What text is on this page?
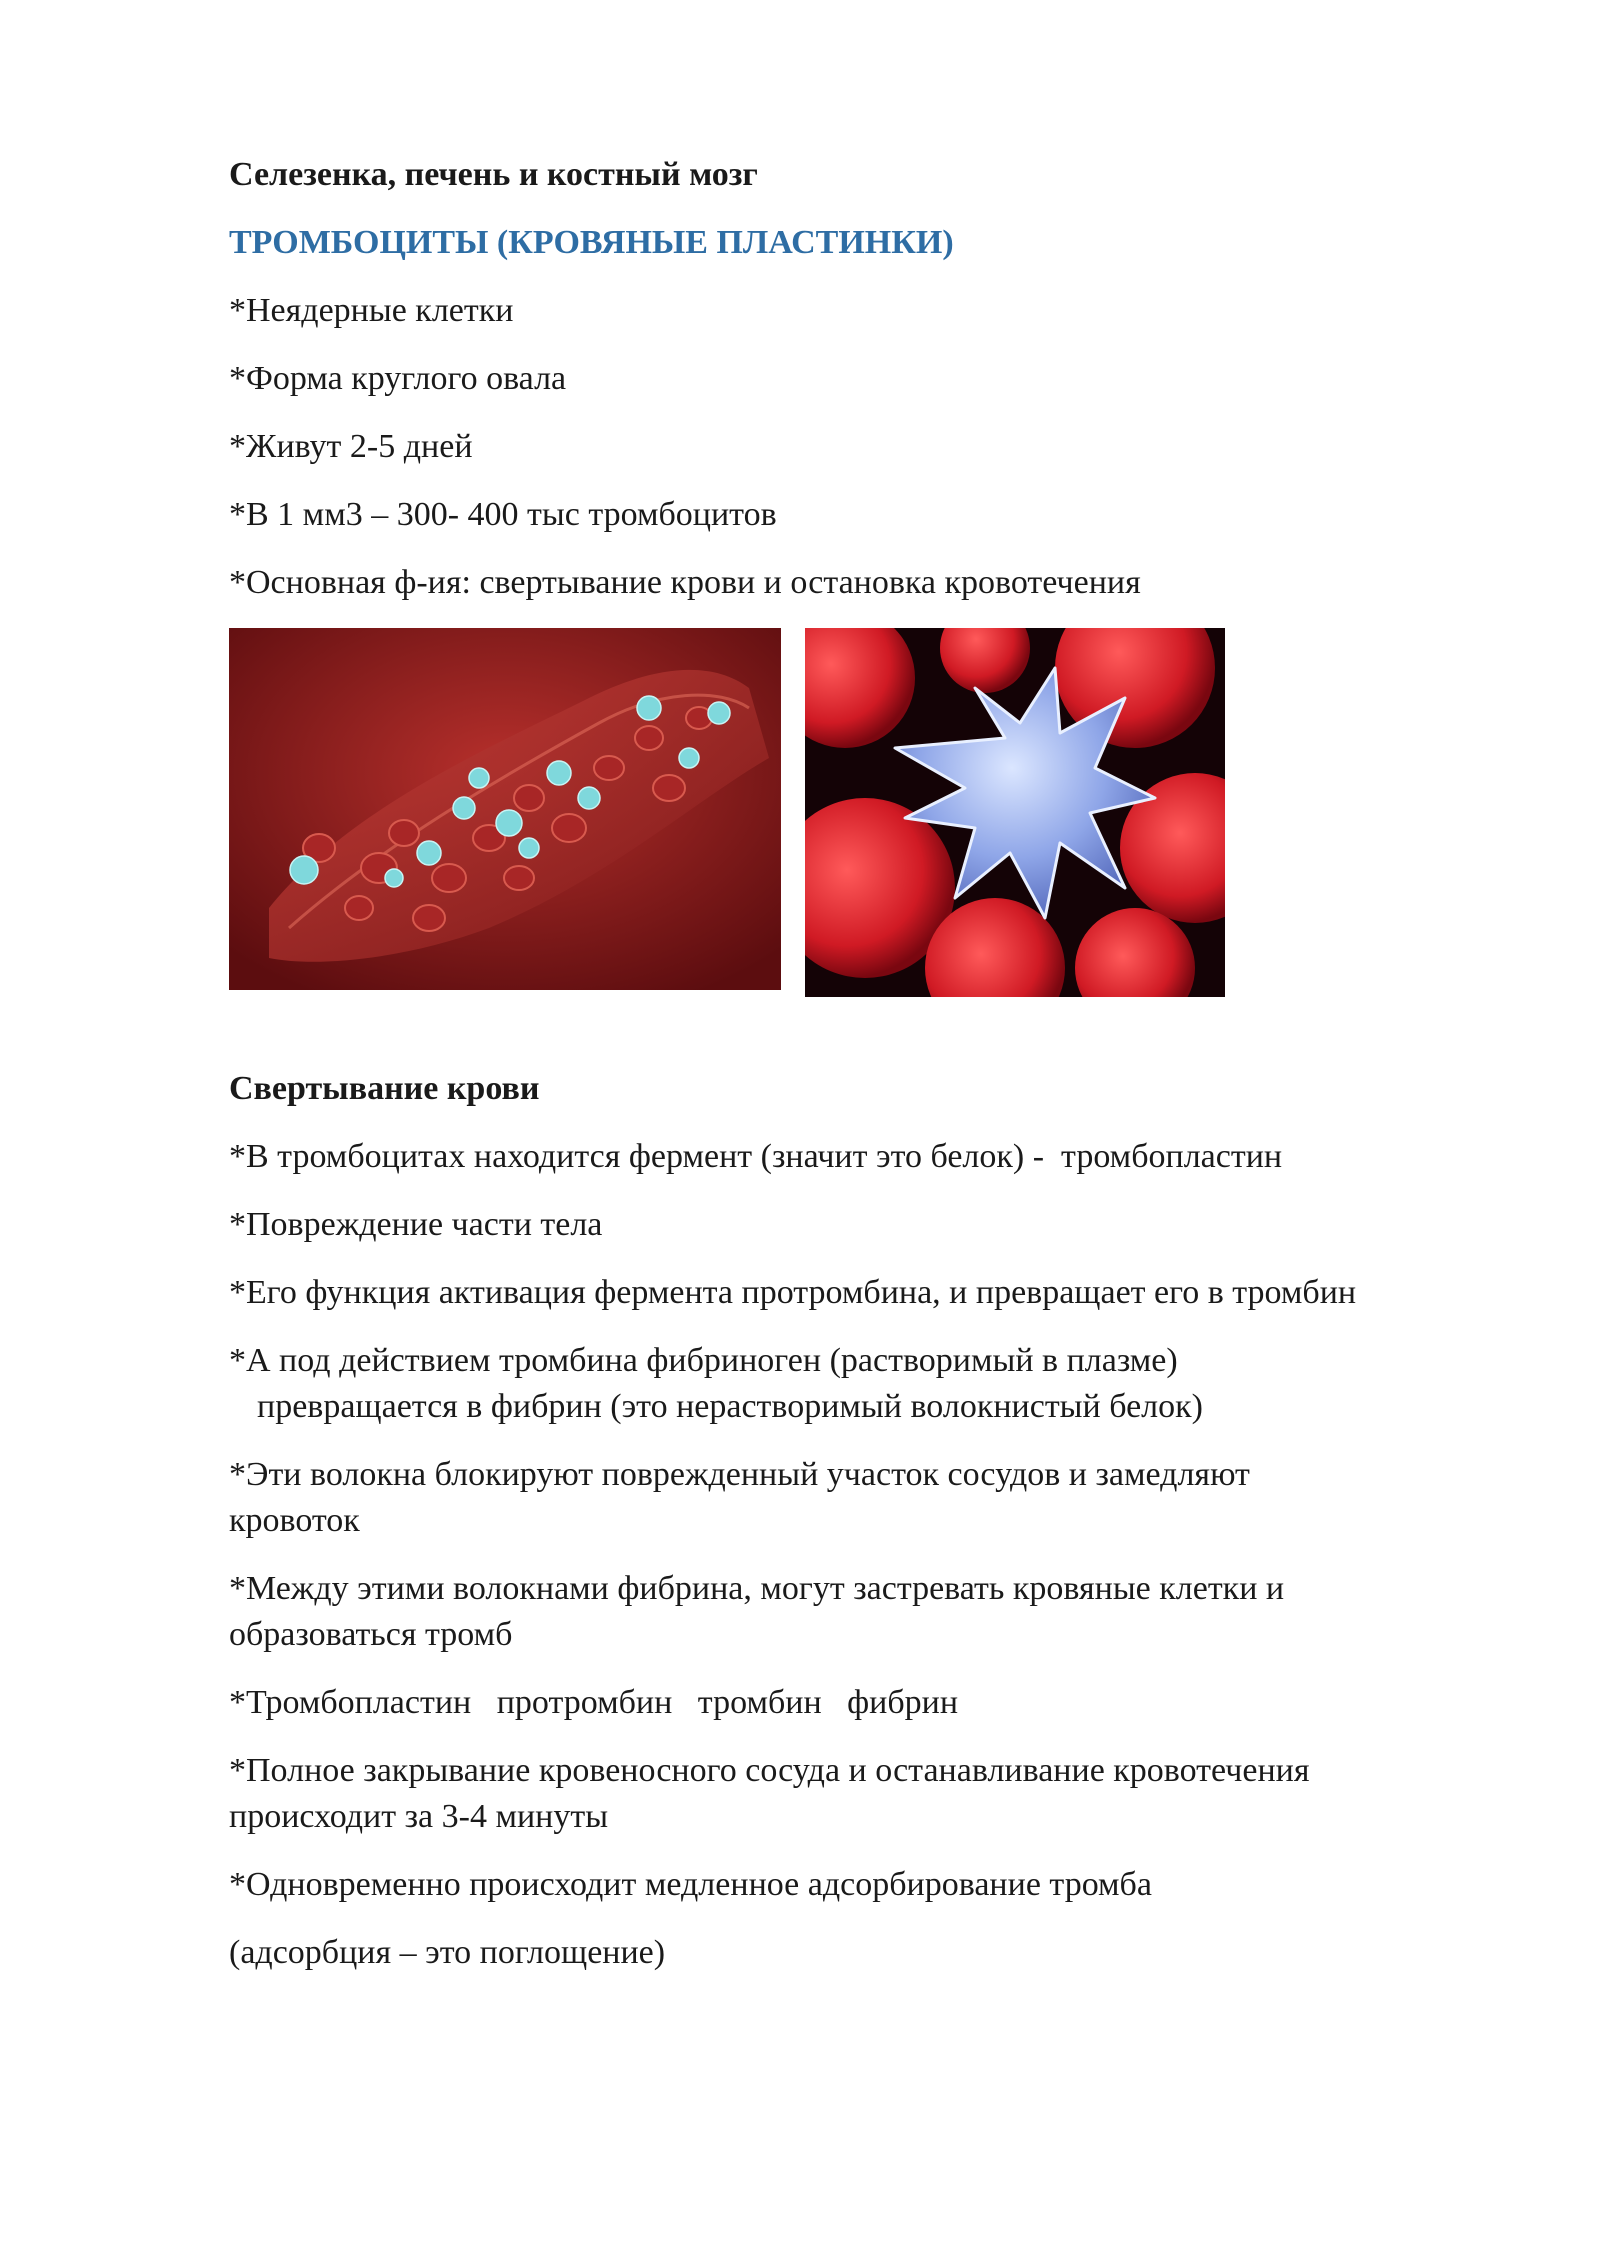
Селезенка, печень и костный мозг

ТРОМБОЦИТЫ (КРОВЯНЫЕ ПЛАСТИНКИ)

*Неядерные клетки

*Форма круглого овала

*Живут 2-5 дней

*В 1 мм3 – 300- 400 тыс тромбоцитов

*Основная ф-ия: свертывание крови и остановка кровотечения

Свертывание крови

*В тромбоцитах находится фермент (значит это белок) -  тромбопластин

*Повреждение части тела

*Его функция активация фермента протромбина, и превращает его в тромбин

*А под действием тромбина фибриноген (растворимый в плазме)

превращается в фибрин (это нерастворимый волокнистый белок)

*Эти волокна блокируют поврежденный участок сосудов и замедляют

кровоток

*Между этими волокнами фибрина, могут застревать кровяные клетки и

образоваться тромб

*Тромбопластин   протромбин   тромбин   фибрин

*Полное закрывание кровеносного сосуда и останавливание кровотечения

происходит за 3-4 минуты

*Одновременно происходит медленное адсорбирование тромба

(адсорбция – это поглощение)
